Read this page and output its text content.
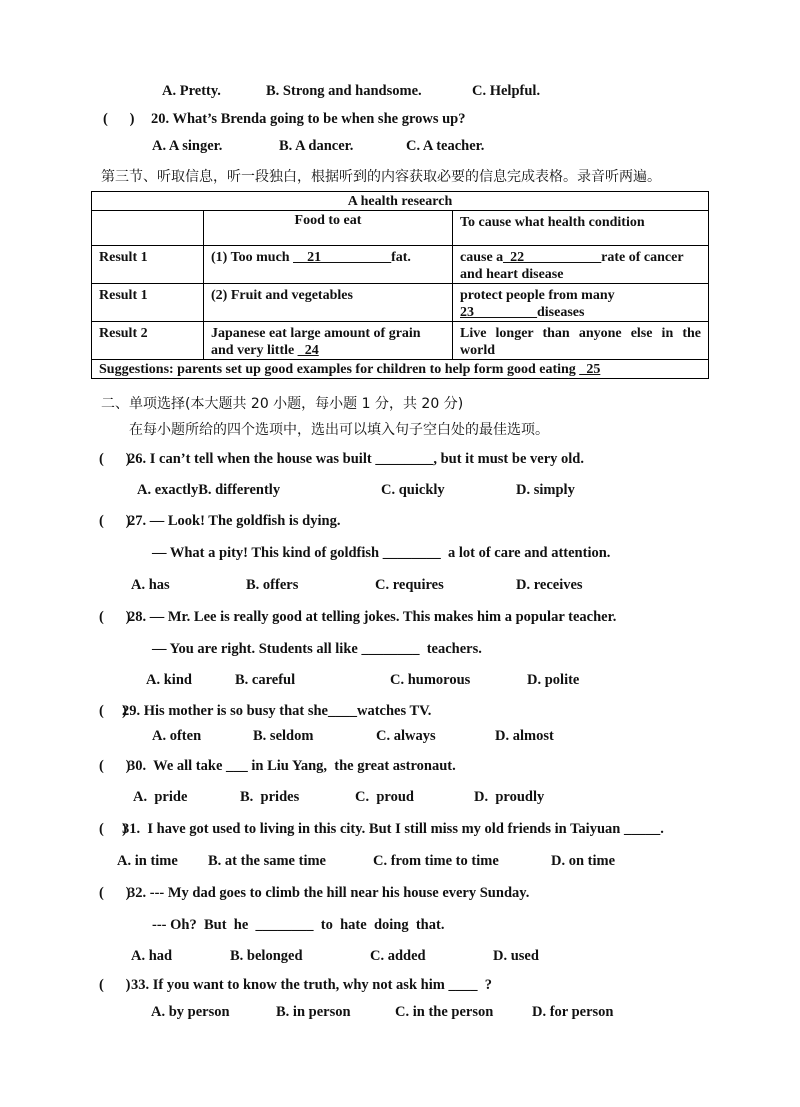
A. Pretty.	B. Strong and handsome.	C. Helpful.
(      ) 20. What’s Brenda going to be when she grows up?
A. A singer.	B. A dancer.	C. A teacher.
第三节、听取信息，听一段独白，根据听到的内容获取必要的信息完成表格。录音听两遍。
A health research		
	Food to eat	To cause what health condition
Result 1	(1) Too much __21__________fat.	cause a_22___________rate of cancer and heart disease
Result 1	(2) Fruit and vegetables	protect people from many
23_________diseases
Result 2	Japanese eat large amount of grain and very little _24	Live longer than anyone else in the world
Suggestions: parents set up good examples for children to help form good eating _25		
二、单项选择(本大题共 20 小题，每小题 1 分，共 20 分)
在每小题所给的四个选项中，选出可以填入句子空白处的最佳选项。
(      )
26. I can’t tell when the house was built ________, but it must be very old.
A. exactlyB. differently	C. quickly	D. simply
(      )
27. — Look! The goldfish is dying.
— What a pity! This kind of goldfish ________  a lot of care and attention.
A. has	B. offers	C. requires	D. receives
(      )
28. — Mr. Lee is really good at telling jokes. This makes him a popular teacher.
— You are right. Students all like ________  teachers.
A. kind	B. careful	C. humorous	D. polite
(     )
29. His mother is so busy that she____watches TV.
A. often	B. seldom	C. always	D. almost
(      )
30.  We all take ___ in Liu Yang,  the great astronaut.
A.  pride	B.  prides	C.  proud	D.  proudly
(     )
31.  I have got used to living in this city. But I still miss my old friends in Taiyuan _____.
A. in time B. at the same time	C. from time to time	D. on time
(      )
32. --- My dad goes to climb the hill near his house every Sunday.
--- Oh?  But  he  ________  to  hate  doing  that.
A. had	B. belonged	C. added	D. used
(      ) 33. If you want to know the truth, why not ask him ____  ?
A. by person	B. in person	C. in the person	D. for person
